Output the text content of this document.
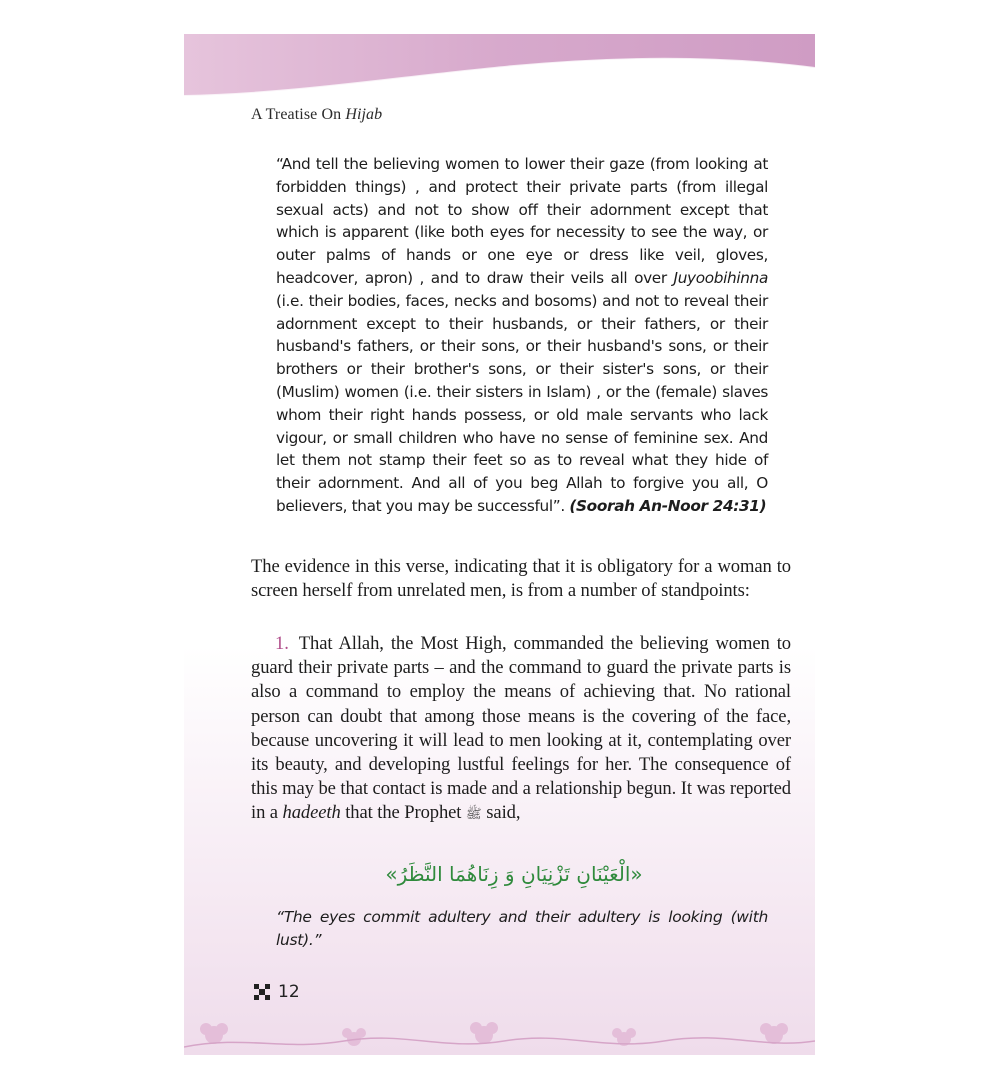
A Treatise On Hijab
“And tell the believing women to lower their gaze (from looking at forbidden things) , and protect their private parts (from illegal sexual acts) and not to show off their adornment except that which is apparent (like both eyes for necessity to see the way, or outer palms of hands or one eye or dress like veil, gloves, headcover, apron) , and to draw their veils all over Juyoobihinna (i.e. their bodies, faces, necks and bosoms) and not to reveal their adornment except to their husbands, or their fathers, or their husband's fathers, or their sons, or their husband's sons, or their brothers or their brother's sons, or their sister's sons, or their (Muslim) women (i.e. their sisters in Islam) , or the (female) slaves whom their right hands possess, or old male servants who lack vigour, or small children who have no sense of feminine sex. And let them not stamp their feet so as to reveal what they hide of their adornment. And all of you beg Allah to forgive you all, O believers, that you may be successful”. (Soorah An-Noor 24:31)
The evidence in this verse, indicating that it is obligatory for a woman to screen herself from unrelated men, is from a number of standpoints:
1. That Allah, the Most High, commanded the believing women to guard their private parts – and the command to guard the private parts is also a command to employ the means of achieving that. No rational person can doubt that among those means is the covering of the face, because uncovering it will lead to men looking at it, contemplating over its beauty, and developing lustful feelings for her. The consequence of this may be that contact is made and a relationship begun. It was reported in a hadeeth that the Prophet ﷺ said,
«الْعَيْنَانِ تَزْنِيَانِ وَ زِنَاهُمَا النَّظَرُ»
“The eyes commit adultery and their adultery is looking (with lust).”
12
